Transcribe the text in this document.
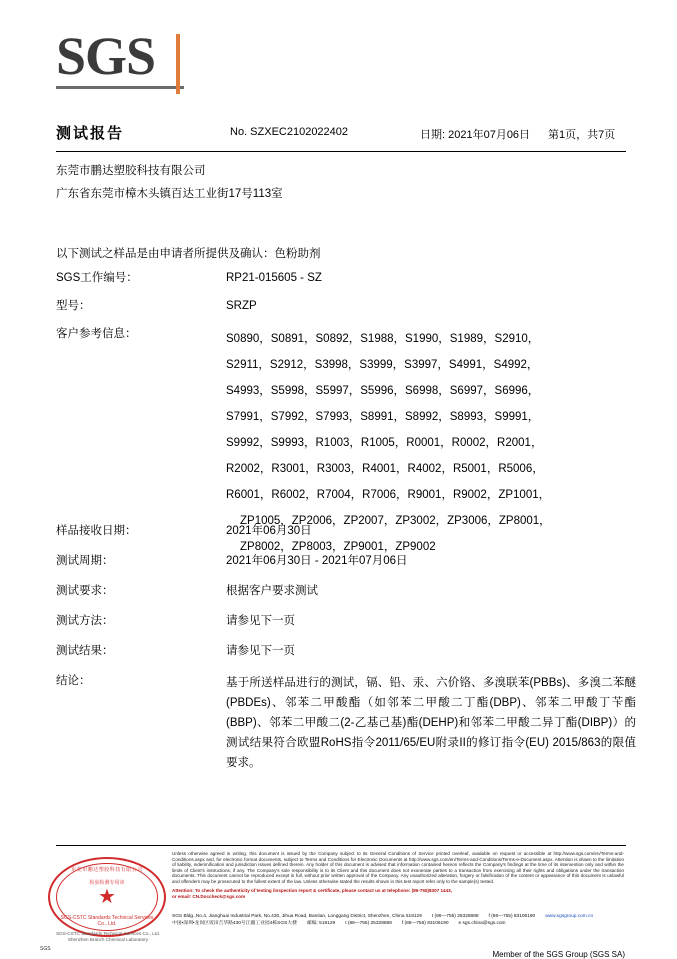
SGS
测试报告	No. SZXEC2102022402	日期: 2021年07月06日 第1页，共7页
东莞市鹏达塑胶科技有限公司
广东省东莞市樟木头镇百达工业街17号113室
以下测试之样品是由申请者所提供及确认：色粉助剂
SGS工作编号：	RP21-015605 - SZ
型号：	SRZP
客户参考信息：	S0890，S0891，S0892，S1988，S1990，S1989，S2910，
S2911，S2912，S3998，S3999，S3997，S4991，S4992，
S4993，S5998，S5997，S5996，S6998，S6997，S6996，
S7991，S7992，S7993，S8991，S8992，S8993，S9991，
S9992，S9993，R1003，R1005，R0001，R0002，R2001，
R2002，R3001，R3003，R4001，R4002，R5001，R5006，
R6001，R6002，R7004，R7006，R9001，R9002，ZP1001，
ZP1005，ZP2006，ZP2007，ZP3002，ZP3006，ZP8001，
ZP8002，ZP8003，ZP9001，ZP9002
样品接收日期：	2021年06月30日
测试周期：	2021年06月30日 - 2021年07月06日
测试要求：	根据客户要求测试
测试方法：	请参见下一页
测试结果：	请参见下一页
结论：	基于所送样品进行的测试，镉、铅、汞、六价铬、多溴联苯(PBBs)、多溴二苯醚(PBDEs)、邻苯二甲酸酯（如邻苯二甲酸二丁酯(DBP)、邻苯二甲酸丁苄酯(BBP)、邻苯二甲酸二(2-乙基己基)酯(DEHP)和邻苯二甲酸二异丁酯(DIBP)）的测试结果符合欧盟RoHS指令2011/65/EU附录II的修订指令(EU) 2015/863的限值要求。
东莞市鹏达塑胶科技有限公司
★
检验检测专用章
SGS-CSTC Standards Technical Services Co., Ltd.
SGS-CSTC Standards Technical Services Co., Ltd.
Shenzhen Branch Chemical Laboratory
Unless otherwise agreed in writing, this document is issued by the Company subject to its General Conditions of Service printed overleaf, available on request or accessible at http://www.sgs.com/en/Terms-and-Conditions.aspx and, for electronic format documents, subject to Terms and Conditions for Electronic Documents at http://www.sgs.com/en/Terms-and-Conditions/Terms-e-Document.aspx. Attention is drawn to the limitation of liability, indemnification and jurisdiction issues defined therein. Any holder of this document is advised that information contained hereon reflects the Company's findings at the time of its intervention only and within the limits of Client's instructions, if any. The Company's sole responsibility is to its Client and this document does not exonerate parties to a transaction from exercising all their rights and obligations under the transaction documents. This document cannot be reproduced except in full, without prior written approval of the Company. Any unauthorized alteration, forgery or falsification of the content or appearance of this document is unlawful and offenders may be prosecuted to the fullest extent of the law. Unless otherwise stated the results shown in this test report refer only to the sample(s) tested.
Attention: To check the authenticity of testing /inspection report & certificate, please contact us at telephone: (86-755)8307 1443,
or email: CN.Doccheck@sgs.com
SGS Bldg.,No.4, Jianghuai Industrial Park, No.430, Jihua Road, Bantian, Longgang District, Shenzhen, China 518129 t (86—755) 25328888 f (86—755) 83106190 www.sgsgroup.com.cn
中国•深圳•龙岗区坂田吉华路430号江疆工业园4栋SGS大楼 邮编: 518129 t (86—755) 25328888 f (86—755) 83106190 e sgs.china@sgs.com
SGS
Member of the SGS Group (SGS SA)
